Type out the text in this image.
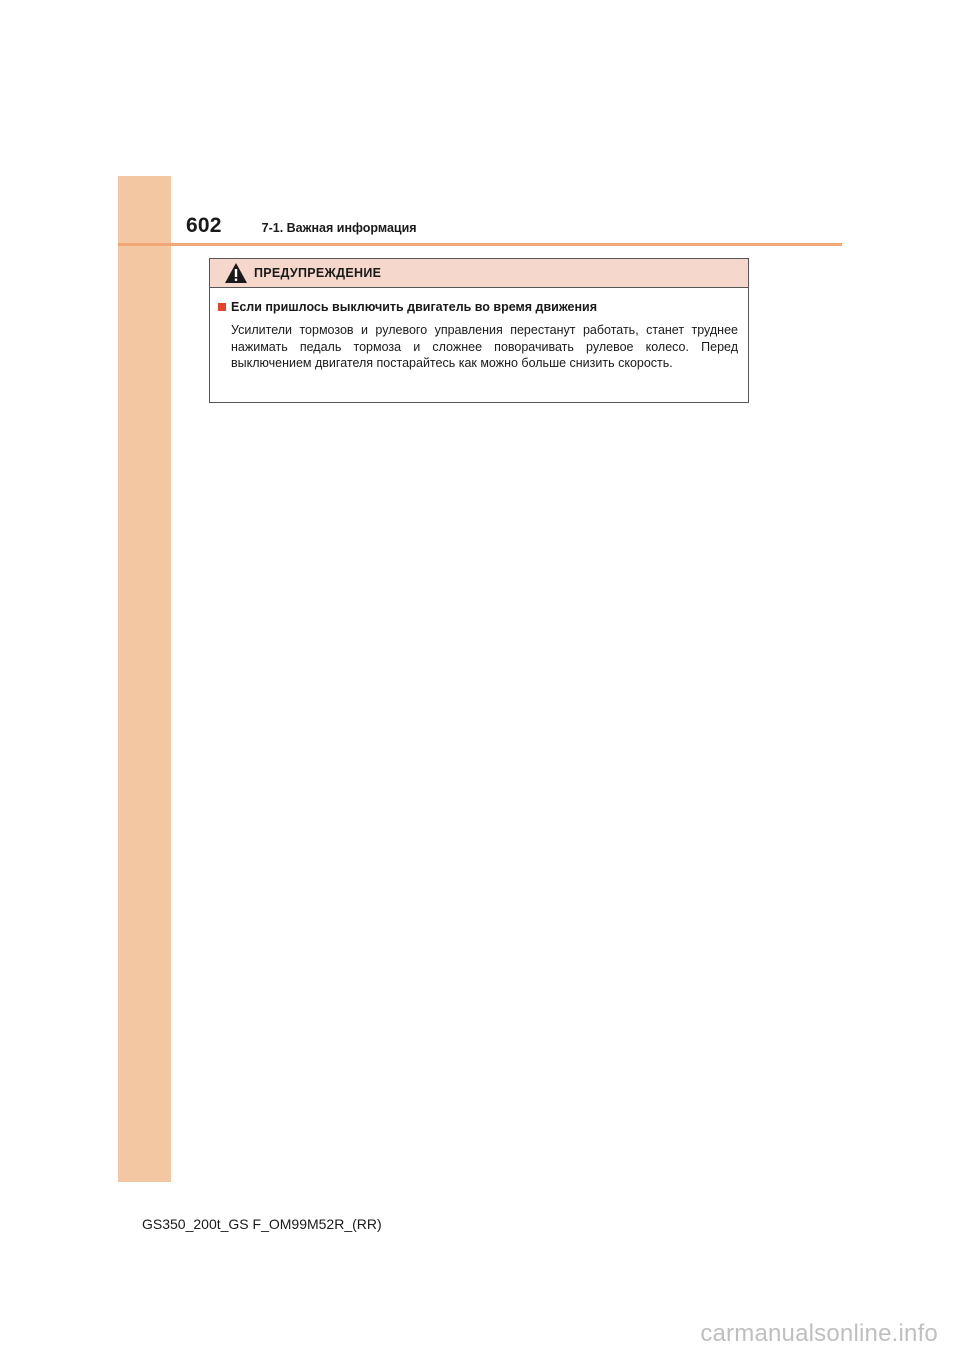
602	7-1. Важная информация
ПРЕДУПРЕЖДЕНИЕ
Если пришлось выключить двигатель во время движения

Усилители тормозов и рулевого управления перестанут работать, станет труднее нажимать педаль тормоза и сложнее поворачивать рулевое колесо. Перед выключением двигателя постарайтесь как можно больше снизить скорость.

GS350_200t_GS F_OM99M52R_(RR)
carmanualsonline.info
